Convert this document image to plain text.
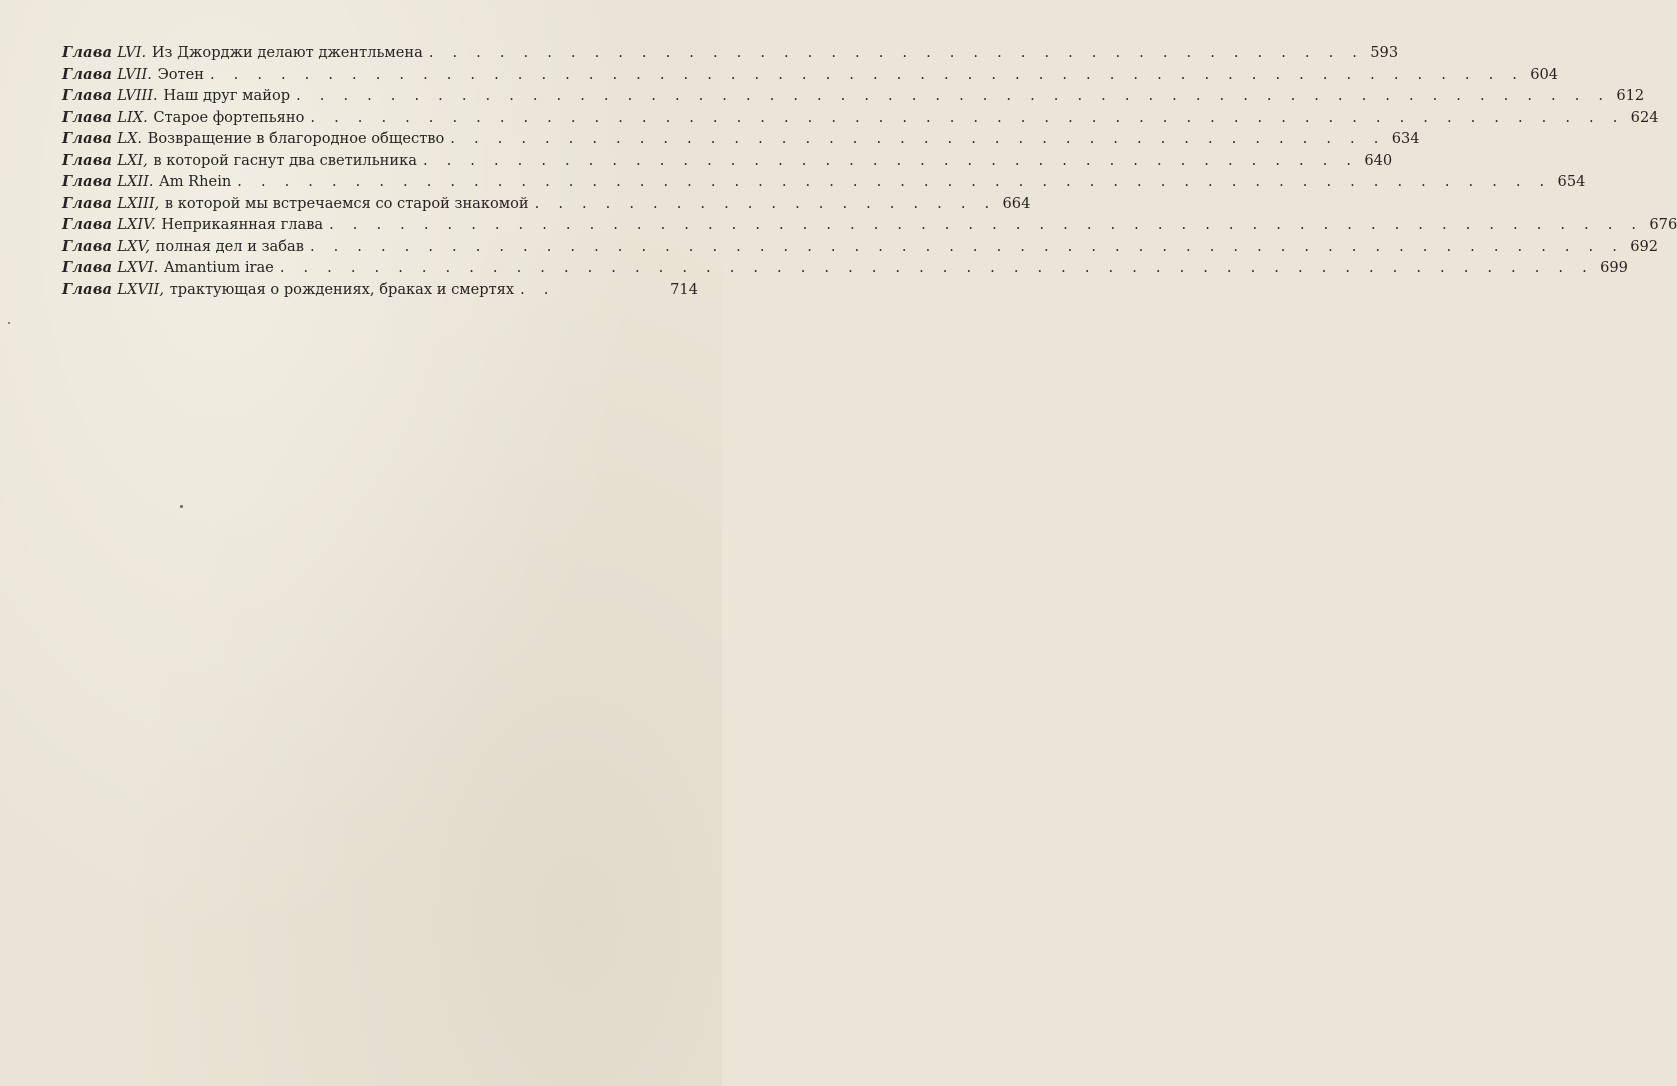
Глава LVI. Из Джорджи делают джентльмена . . . . . . . . . . . . . . . . . . . . . . . . . . . . . . . . . . . . . . . . 593
Глава LVII. Эотен . . . . . . . . . . . . . . . . . . . . . . . . . . . . . . . . . . . . . . . . . . . . . . . . . . . . . . . . 604
Глава LVIII. Наш друг майор . . . . . . . . . . . . . . . . . . . . . . . . . . . . . . . . . . . . . . . . . . . . . . . . . . . . . . . . 612
Глава LIX. Старое фортепьяно . . . . . . . . . . . . . . . . . . . . . . . . . . . . . . . . . . . . . . . . . . . . . . . . . . . . . . . . 624
Глава LX. Возвращение в благородное общество . . . . . . . . . . . . . . . . . . . . . . . . . . . . . . . . . . . . . . . . 634
Глава LXI, в которой гаснут два светильника . . . . . . . . . . . . . . . . . . . . . . . . . . . . . . . . . . . . . . . . 640
Глава LXII. Am Rhein . . . . . . . . . . . . . . . . . . . . . . . . . . . . . . . . . . . . . . . . . . . . . . . . . . . . . . . . 654
Глава LXIII, в которой мы встречаемся со старой знакомой . . . . . . . . . . . . . . . . . . . . 664
Глава LXIV. Неприкаянная глава . . . . . . . . . . . . . . . . . . . . . . . . . . . . . . . . . . . . . . . . . . . . . . . . . . . . . . . . 676
Глава LXV, полная дел и забав . . . . . . . . . . . . . . . . . . . . . . . . . . . . . . . . . . . . . . . . . . . . . . . . . . . . . . . . 692
Глава LXVI. Amantium irae . . . . . . . . . . . . . . . . . . . . . . . . . . . . . . . . . . . . . . . . . . . . . . . . . . . . . . . . 699
Глава LXVII, трактующая о рождениях, браках и смертях . .	714
